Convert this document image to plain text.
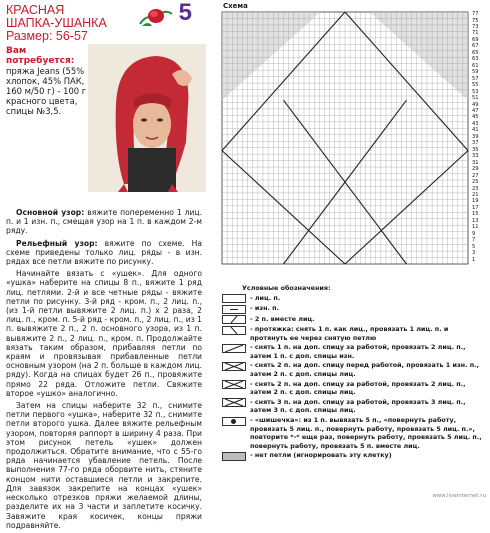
КРАСНАЯ
ШАПКА-УШАНКА
Размер: 56-57
5
Вам
потребуется:
пряжа Jeans (55% хлопок, 45% ПАК, 160 м/50 г) - 100 г красного цвета, спицы №3,5.

Основной узор: вяжите попеременно 1 лиц. п. и 1 изн. п., смещая узор на 1 п. в каждом 2-м ряду.

Рельефный узор: вяжите по схеме. На схеме приведены только лиц. ряды - в изн. рядах все петли вяжите по рисунку.

Начинайте вязать с «ушек». Для одного «ушка» наберите на спицы 8 п., вяжите 1 ряд лиц. петлями. 2-й и все четные ряды - вяжите петли по рисунку. 3-й ряд - кром. п., 2 лиц. п., (из 1-й петли вывяжите 2 лиц. п.) х 2 раза, 2 лиц. п., кром. п. 5-й ряд - кром. п., 2 лиц. п., из 1 п. вывяжите 2 п., 2 п. основного узора, из 1 п. вывяжите 2 п., 2 лиц. п., кром. п. Продолжайте вязать таким образом, прибавляя петли по краям и провязывая прибавленные петли основным узором (на 2 п. больше в каждом лиц. ряду). Когда на спицах будет 26 п., провяжите прямо 22 ряда. Отложите петли. Свяжите второе «ушко» аналогично.

Затем на спицы наберите 32 п., снимите петли первого «ушка», наберите 32 п., снимите петли второго ушка. Далее вяжите рельефным узором, повторяя раппорт в ширину 4 раза. При этом рисунок петель «ушек» должен продолжиться. Обратите внимание, что с 55-го ряда начинается убавление петель. После выполнения 77-го ряда оборвите нить, стяните концом нити оставшиеся петли и закрепите. Для завязок закрепите на концах «ушек» несколько отрезков пряжи желаемой длины, разделите их на 3 части и заплетите косичку. Завяжите края косичек, концы пряжи подравняйте.

Схема
77
75
73
71
69
67
65
63
61
59
57
55
53
51
49
47
45
43
41
39
37
35
33
31
29
27
25
23
21
19
17
15
13
11
9
7
5
3
1
Условные обозначения:
- лиц. п.
- изн. п.
- 2 п. вместе лиц.
- протяжка: снять 1 п. как лиц., провязать 1 лиц. п. и протянуть ее через снятую петлю
- снять 1 п. на доп. спицу за работой, провязать 2 лиц. п., затем 1 п. с доп. спицы изн.
- снять 2 п. на доп. спицу перед работой, провязать 1 изн. п., затем 2 п. с доп. спицы лиц.
- снять 2 п. на доп. спицу за работой, провязать 2 лиц. п., затем 2 п. с доп. спицы лиц.
- снять 3 п. на доп. спицу за работой, провязать 3 лиц. п., затем 3 п. с доп. спицы лиц.
- «шишечка»: из 1 п. вывязать 5 п., «повернуть работу, провязать 5 лиц. п., повернуть работу, провязать 5 лиц. п.», повторите *-* еще раз, повернуть работу, провязать 5 лиц. п., повернуть работу, провязать 5 п. вместе лиц.
- нет петли (игнорировать эту клетку)
www.liveinternet.ru
